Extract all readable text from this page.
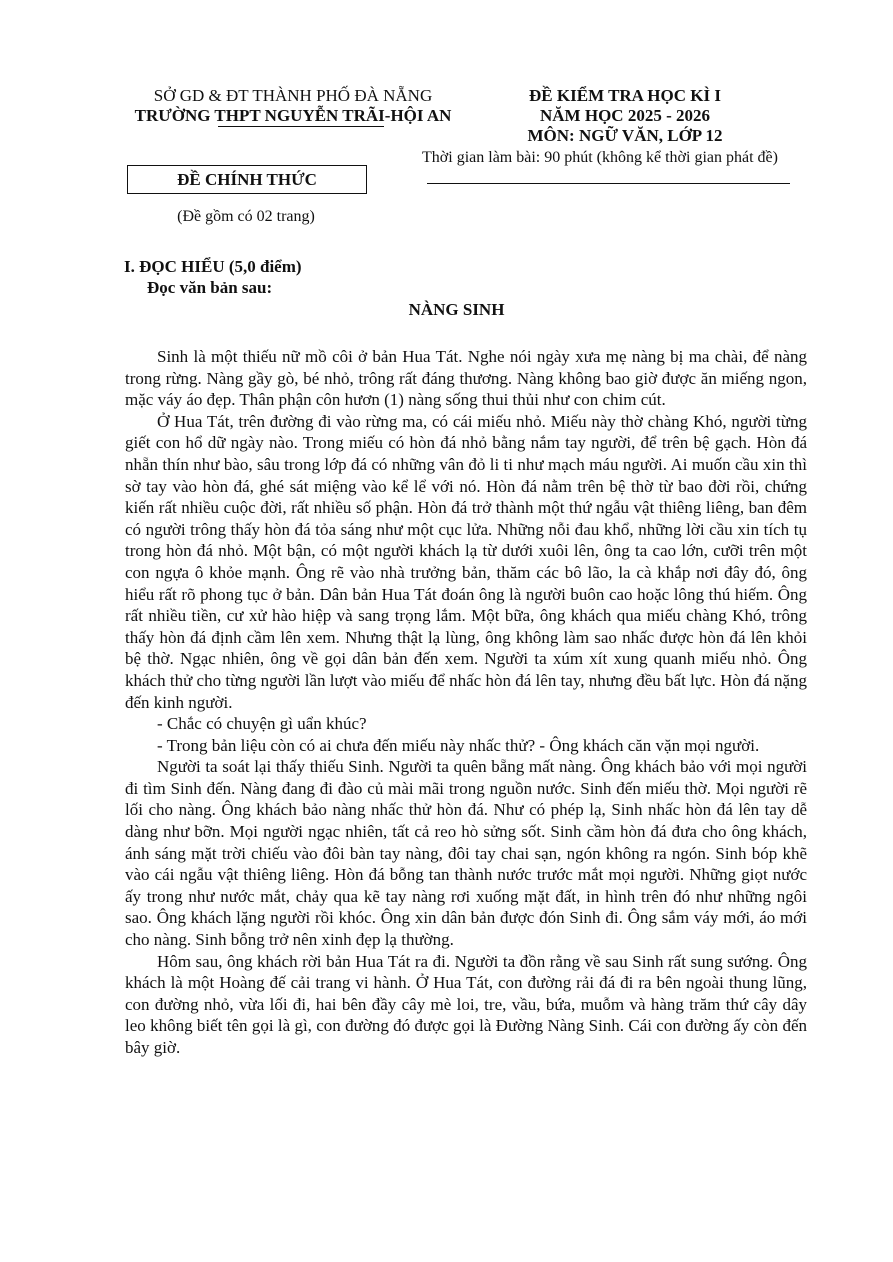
SỞ GD & ĐT THÀNH PHỐ ĐÀ NẴNG
TRƯỜNG THPT NGUYỄN TRÃI-HỘI AN
ĐỀ CHÍNH THỨC
(Đề gồm có 02 trang)
ĐỀ KIỂM TRA HỌC KÌ I
NĂM HỌC 2025 - 2026
MÔN: NGỮ VĂN, LỚP 12
Thời gian làm bài: 90 phút (không kể thời gian phát đề)
I. ĐỌC HIỂU (5,0 điểm)
Đọc văn bản sau:
NÀNG SINH

Sinh là một thiếu nữ mồ côi ở bản Hua Tát. Nghe nói ngày xưa mẹ nàng bị ma chài, để nàng trong rừng. Nàng gầy gò, bé nhỏ, trông rất đáng thương. Nàng không bao giờ được ăn miếng ngon, mặc váy áo đẹp. Thân phận côn hươn (1) nàng sống thui thủi như con chim cút.

Ở Hua Tát, trên đường đi vào rừng ma, có cái miếu nhỏ. Miếu này thờ chàng Khó, người từng giết con hổ dữ ngày nào. Trong miếu có hòn đá nhỏ bằng nắm tay người, để trên bệ gạch. Hòn đá nhẵn thín như bào, sâu trong lớp đá có những vân đỏ li ti như mạch máu người. Ai muốn cầu xin thì sờ tay vào hòn đá, ghé sát miệng vào kể lể với nó. Hòn đá nằm trên bệ thờ từ bao đời rồi, chứng kiến rất nhiều cuộc đời, rất nhiều số phận. Hòn đá trở thành một thứ ngẫu vật thiêng liêng, ban đêm có người trông thấy hòn đá tỏa sáng như một cục lửa. Những nỗi đau khổ, những lời cầu xin tích tụ trong hòn đá nhỏ. Một bận, có một người khách lạ từ dưới xuôi lên, ông ta cao lớn, cưỡi trên một con ngựa ô khỏe mạnh. Ông rẽ vào nhà trưởng bản, thăm các bô lão, la cà khắp nơi đây đó, ông hiểu rất rõ phong tục ở bản. Dân bản Hua Tát đoán ông là người buôn cao hoặc lông thú hiếm. Ông rất nhiều tiền, cư xử hào hiệp và sang trọng lắm. Một bữa, ông khách qua miếu chàng Khó, trông thấy hòn đá định cầm lên xem. Nhưng thật lạ lùng, ông không làm sao nhấc được hòn đá lên khỏi bệ thờ. Ngạc nhiên, ông về gọi dân bản đến xem. Người ta xúm xít xung quanh miếu nhỏ. Ông khách thử cho từng người lần lượt vào miếu để nhấc hòn đá lên tay, nhưng đều bất lực. Hòn đá nặng đến kinh người.

- Chắc có chuyện gì uẩn khúc?

- Trong bản liệu còn có ai chưa đến miếu này nhấc thử? - Ông khách căn vặn mọi người.

Người ta soát lại thấy thiếu Sinh. Người ta quên bẵng mất nàng. Ông khách bảo với mọi người đi tìm Sinh đến. Nàng đang đi đào củ mài mãi trong nguồn nước. Sinh đến miếu thờ. Mọi người rẽ lối cho nàng. Ông khách bảo nàng nhấc thử hòn đá. Như có phép lạ, Sinh nhấc hòn đá lên tay dễ dàng như bỡn. Mọi người ngạc nhiên, tất cả reo hò sửng sốt. Sinh cầm hòn đá đưa cho ông khách, ánh sáng mặt trời chiếu vào đôi bàn tay nàng, đôi tay chai sạn, ngón không ra ngón. Sinh bóp khẽ vào cái ngẫu vật thiêng liêng. Hòn đá bỗng tan thành nước trước mắt mọi người. Những giọt nước ấy trong như nước mắt, chảy qua kẽ tay nàng rơi xuống mặt đất, in hình trên đó như những ngôi sao. Ông khách lặng người rồi khóc. Ông xin dân bản được đón Sinh đi. Ông sắm váy mới, áo mới cho nàng. Sinh bỗng trở nên xinh đẹp lạ thường.

Hôm sau, ông khách rời bản Hua Tát ra đi. Người ta đồn rằng về sau Sinh rất sung sướng. Ông khách là một Hoàng đế cải trang vi hành. Ở Hua Tát, con đường rải đá đi ra bên ngoài thung lũng, con đường nhỏ, vừa lối đi, hai bên đầy cây mè loi, tre, vầu, bứa, muỗm và hàng trăm thứ cây dây leo không biết tên gọi là gì, con đường đó được gọi là Đường Nàng Sinh. Cái con đường ấy còn đến bây giờ.
